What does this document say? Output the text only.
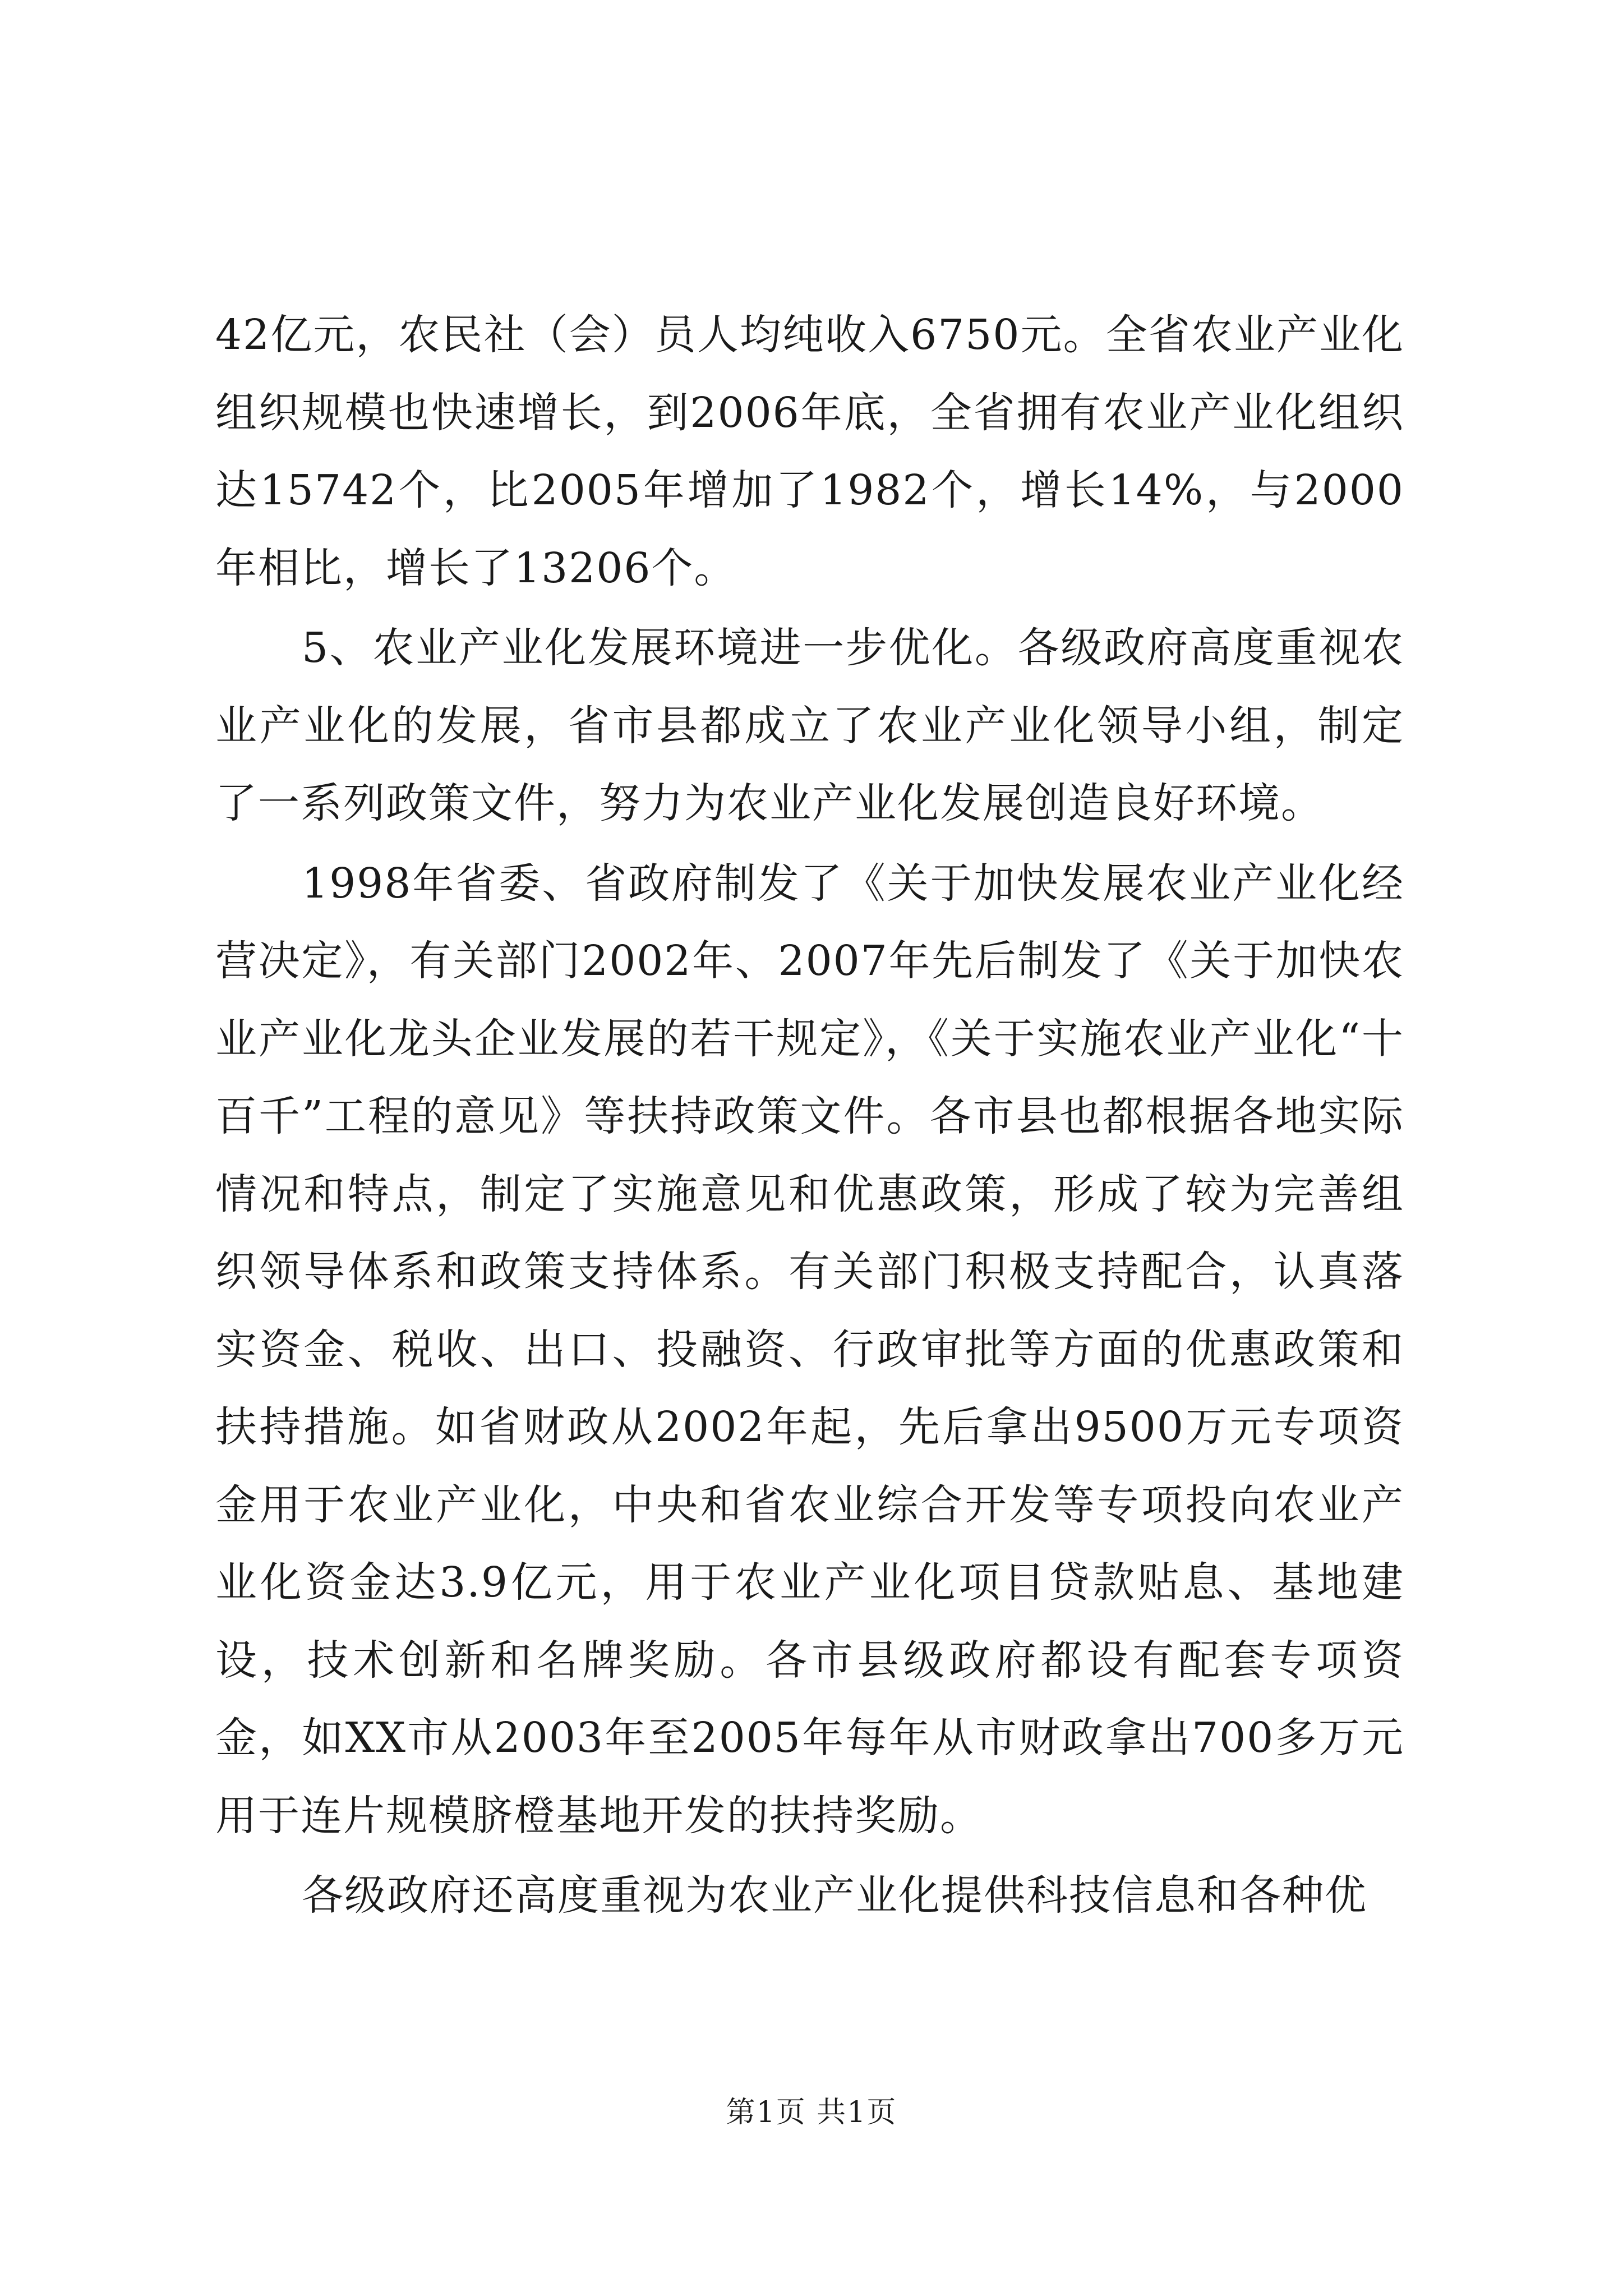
42亿元，农民社（会）员人均纯收入6750元。全省农业产业化组织规模也快速增长，到2006年底，全省拥有农业产业化组织达15742个，比2005年增加了1982个，增长14%，与2000年相比，增长了13206个。

5、农业产业化发展环境进一步优化。各级政府高度重视农业产业化的发展，省市县都成立了农业产业化领导小组，制定了一系列政策文件，努力为农业产业化发展创造良好环境。

1998年省委、省政府制发了《关于加快发展农业产业化经营决定》，有关部门2002年、2007年先后制发了《关于加快农业产业化龙头企业发展的若干规定》，《关于实施农业产业化“十百千”工程的意见》等扶持政策文件。各市县也都根据各地实际情况和特点，制定了实施意见和优惠政策，形成了较为完善组织领导体系和政策支持体系。有关部门积极支持配合，认真落实资金、税收、出口、投融资、行政审批等方面的优惠政策和扶持措施。如省财政从2002年起，先后拿出9500万元专项资金用于农业产业化，中央和省农业综合开发等专项投向农业产业化资金达3.9亿元，用于农业产业化项目贷款贴息、基地建设，技术创新和名牌奖励。各市县级政府都设有配套专项资金，如XX市从2003年至2005年每年从市财政拿出700多万元用于连片规模脐橙基地开发的扶持奖励。

各级政府还高度重视为农业产业化提供科技信息和各种优

第1页 共1页
